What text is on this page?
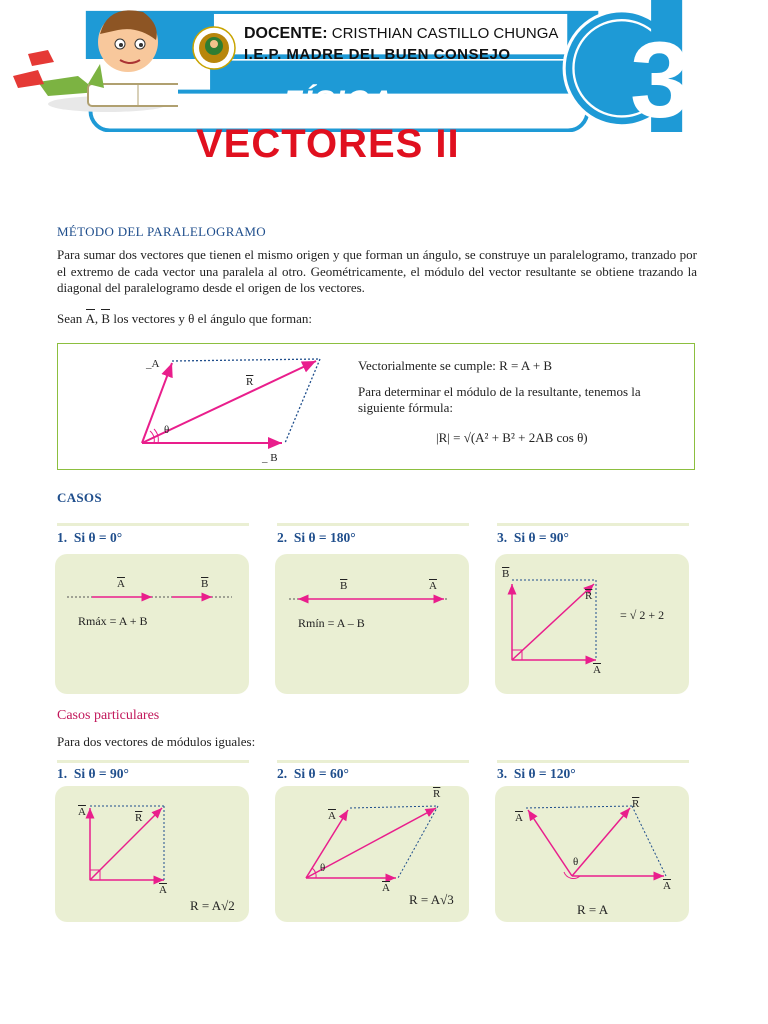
DOCENTE: CRISTHIAN CASTILLO CHUNGA
I.E.P. MADRE DEL BUEN CONSEJO
FÍSICA
VECTORES II
3 ro SECUNDARIA
MÉTODO DEL PARALELOGRAMO
Para sumar dos vectores que tienen el mismo origen y que forman un ángulo, se construye un paralelogramo, tranzado por el extremo de cada vector una paralela al otro. Geométricamente, el módulo del vector resultante se obtiene trazando la diagonal del paralelogramo desde el origen de los vectores.
Sean A, B los vectores y θ el ángulo que forman:
_A
$\overline{R}$
θ
_ B
Vectorialmente se cumple: R = A + B
Para determinar el módulo de la resultante, tenemos la siguiente fórmula:
|R| = √(A² + B² + 2AB cos θ)
CASOS
1. Si θ = 0°
$\overline{A}$	$\overline{B}$
Rmáx = A + B
2. Si θ = 180°
$\overline{B}$	$\overline{A}$
Rmín = A – B
3. Si θ = 90°
$\overline{B}$
$\overline{R}$
$\overline{A}$
= √ 2 + 2
Casos particulares
Para dos vectores de módulos iguales:
1. Si θ = 90°
$\overline{A}$	$\overline{R}$
$\overline{A}$
R = A√2
2. Si θ = 60°
$\overline{A}$
$\overline{R}$
θ
$\overline{A}$
R = A√3
3. Si θ = 120°
$\overline{A}$
$\overline{R}$
θ
$\overline{A}$
R = A
